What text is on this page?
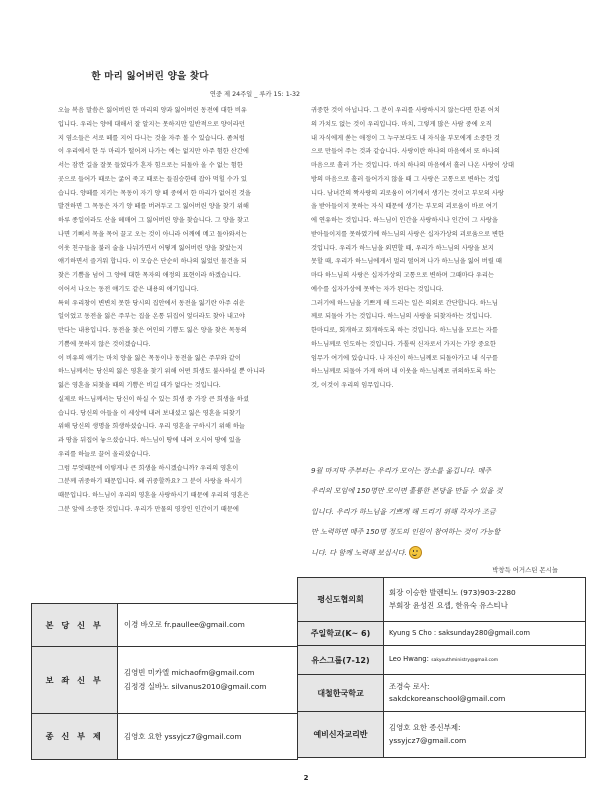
한 마리 잃어버린 양을 찾다
연중 제 24주일 _ 루카 15: 1-32

오늘 복음 말씀은 잃어버린 한 마리의 양과 잃어버린 동전에 대한 비유

입니다. 우리는 양에 대해서 잘 알지는 못하지만 일반적으로 양이라던

지 염소들은 서로 떼를 지어 다니는 것을 자주 볼 수 있습니다. 좀처럼

이 우리에서 한 두 마리가 떨어져 나가는 예는 없지만 아주 험한 산간에

서는 잠깐 길을 잘못 들었다가 혼자 힘으로는 되돌아 올 수 없는 험한

곳으로 들어가 때로는 굶어 죽고 때로는 들짐승한테 잡아 먹힐 수가 있

습니다. 양떼를 지키는 목동이 자기 양 떼 중에서 한 마리가 없어진 것을

발견하면 그 목동은 자기 양 떼를 버려두고 그 잃어버린 양을 찾기 위해

하루 종일이라도 산을 헤매여 그 잃어버린 양을 찾습니다. 그 양을 찾고

나면 기뻐서 목을 목어 끌고 오는 것이 아니라 어깨에 메고 돌아와서는

이웃 친구들을 불러 술을 나눠가면서 어떻게 잃어버린 양을 찾았는지

얘기하면서 즐거워 합니다. 이 모습은 단순히 하나의 잃었던 물건을 되

찾은 기쁨을 넘어 그 양에 대한 목자의 애정의 표현이라 하겠습니다.

이어서 나오는 동전 얘기도 같은 내용의 얘기입니다.

특히 우리창이 변변치 못한 당시의 집안에서 동전을 잃기란 아주 쉬운

일이었고 동전을 잃은 주부는 집을 온통 뒤집어 엎더라도 찾아 내고야

만다는 내용입니다. 동전을 찾은 여인의 기쁨도 잃은 양을 찾은 목동의

기쁨에 못하지 않은 것이겠습니다.

이 비유의 얘기는 마치 양을 잃은 목동이나 동전을 잃은 주부와 같이

하느님께서는 당신의 잃은 영혼을 찾기 위해 어떤 희생도 불사하실 뿐 아니라

잃은 영혼을 되찾을 때의 기쁨은 비길 데가 없다는 것입니다.

실제로 하느님께서는 당신이 하실 수 있는 희생 중 가장 큰 희생을 하셨

습니다. 당신의 아들을 이 세상에 내려 보내셨고 잃은 영혼을 되찾기

위해 당신의 생명을 희생하셨습니다. 우리 영혼을 구하시기 위해 하늘

과 땅을 뒤집어 놓으셨습니다. 하느님이 땅에 내려 오시어 땅에 있을

우리를 하늘로 끌어 올리셨습니다.

그럼 무엇때문에 이렇게나 큰 희생을 하시겠습니까? 우리의 영혼이

그분께 귀중하기 때문입니다. 왜 귀중할까요? 그 분이 사랑을 하시기

때문입니다. 하느님이 우리의 영혼을 사랑하시기 때문에 우리의 영혼은

그분 앞에 소중한 것입니다. 우리가 만물의 영장인 인간이기 때문에

귀중한 것이 아닙니다. 그 분이 우리를 사랑하시지 않는다면 한푼 어치

의 가치도 없는 것이 우리입니다. 마치, 그렇게 많은 사람 중에 오직

내 자식에게 쏟는 애정이 그 누구보다도 내 자식을 부모에게 소중한 것

으로 만들어 주는 것과 같습니다. 사랑이란 하나의 마음에서 또 하나의

마음으로 흘러 가는 것입니다. 마치 하나의 마음에서 흘러 나온 사랑이 상대

방의 마음으로 흘러 들어가지 않을 때 그 사랑은 고통으로 변하는 것입

니다. 남녀간의 짝사랑의 괴로움이 여기에서 생기는 것이고 부모의 사랑

을 받아들이지 못하는 자식 때문에 생기는 부모의 괴로움이 바로 여기

에 연유하는 것입니다. 하느님이 인간을 사랑하시나 인간이 그 사랑을

받아들이지를 못하였기에 하느님의 사랑은 십자가상의 괴로움으로 변한

것입니다. 우리가 하느님을 외면할 때, 우리가 하느님의 사랑을 보지

못할 때, 우리가 하느님에게서 멀리 떨어져 나가 하느님을 잃어 버릴 때

마다 하느님의 사랑은 십자가상의 고통으로 변하며 그때마다 우리는

예수를 십자가상에 못박는 자가 된다는 것입니다.

그러기에 하느님을 기쁘게 해 드리는 일은 의외로 간단합니다. 하느님

께로 되돌아 가는 것입니다. 하느님의 사랑을 되찾자하는 것입니다.

한마디로, 회개하고 회개하도록 하는 것입니다. 하느님을 모르는 자를

하느님께로 인도하는 것입니다. 가톨릭 신자로서 가지는 가장 중요한

임무가 여기에 있습니다. 나 자신이 하느님께로 되돌아가고 내 식구를

하느님께로 되돌아 가게 하며 내 이웃을 하느님께로 귀의하도록 하는

것, 이것이 우리의 임무입니다.

9월 마지막 주부터는 우리가 모이는 장소를 옮깁니다. 매주

우리의 모임에 150명만 모이면 훌륭한 본당을 만들 수 있을 것

입니다. 우리가 하느님을 기쁘게 해 드리기 위해 각자가 조금

만 노력하면 매주 150명 정도의 인원이 참여하는 것이 가능할

니다. 다 함께 노력해 보십시다.

박창득 어거스틴 몬시뇰
본 당 신 부	이경 바오로 fr.paullee@gmail.com

보 좌 신 부	김영빈 미카엘 michaofm@gmail.com
김정경 실바노 silvanus2010@gmail.com

종 신 부 제	김영호 요한 yssyjcz7@gmail.com
평신도협의회	회장 이승한 발렌티노 (973)903-2280
부회장 윤성진 요셉, 한유숙 유스티나

주일학교(K~ 6)	Kyung S Cho : saksunday280@gmail.com

유스그룹(7-12)	Leo Hwang: sakyouthministry@gmail.com
대철한국학교	조경숙 로사:
sakdckoreanschool@gmail.com

예비신자교리반	김영호 요한 종신부제:
yssyjcz7@gmail.com
2
